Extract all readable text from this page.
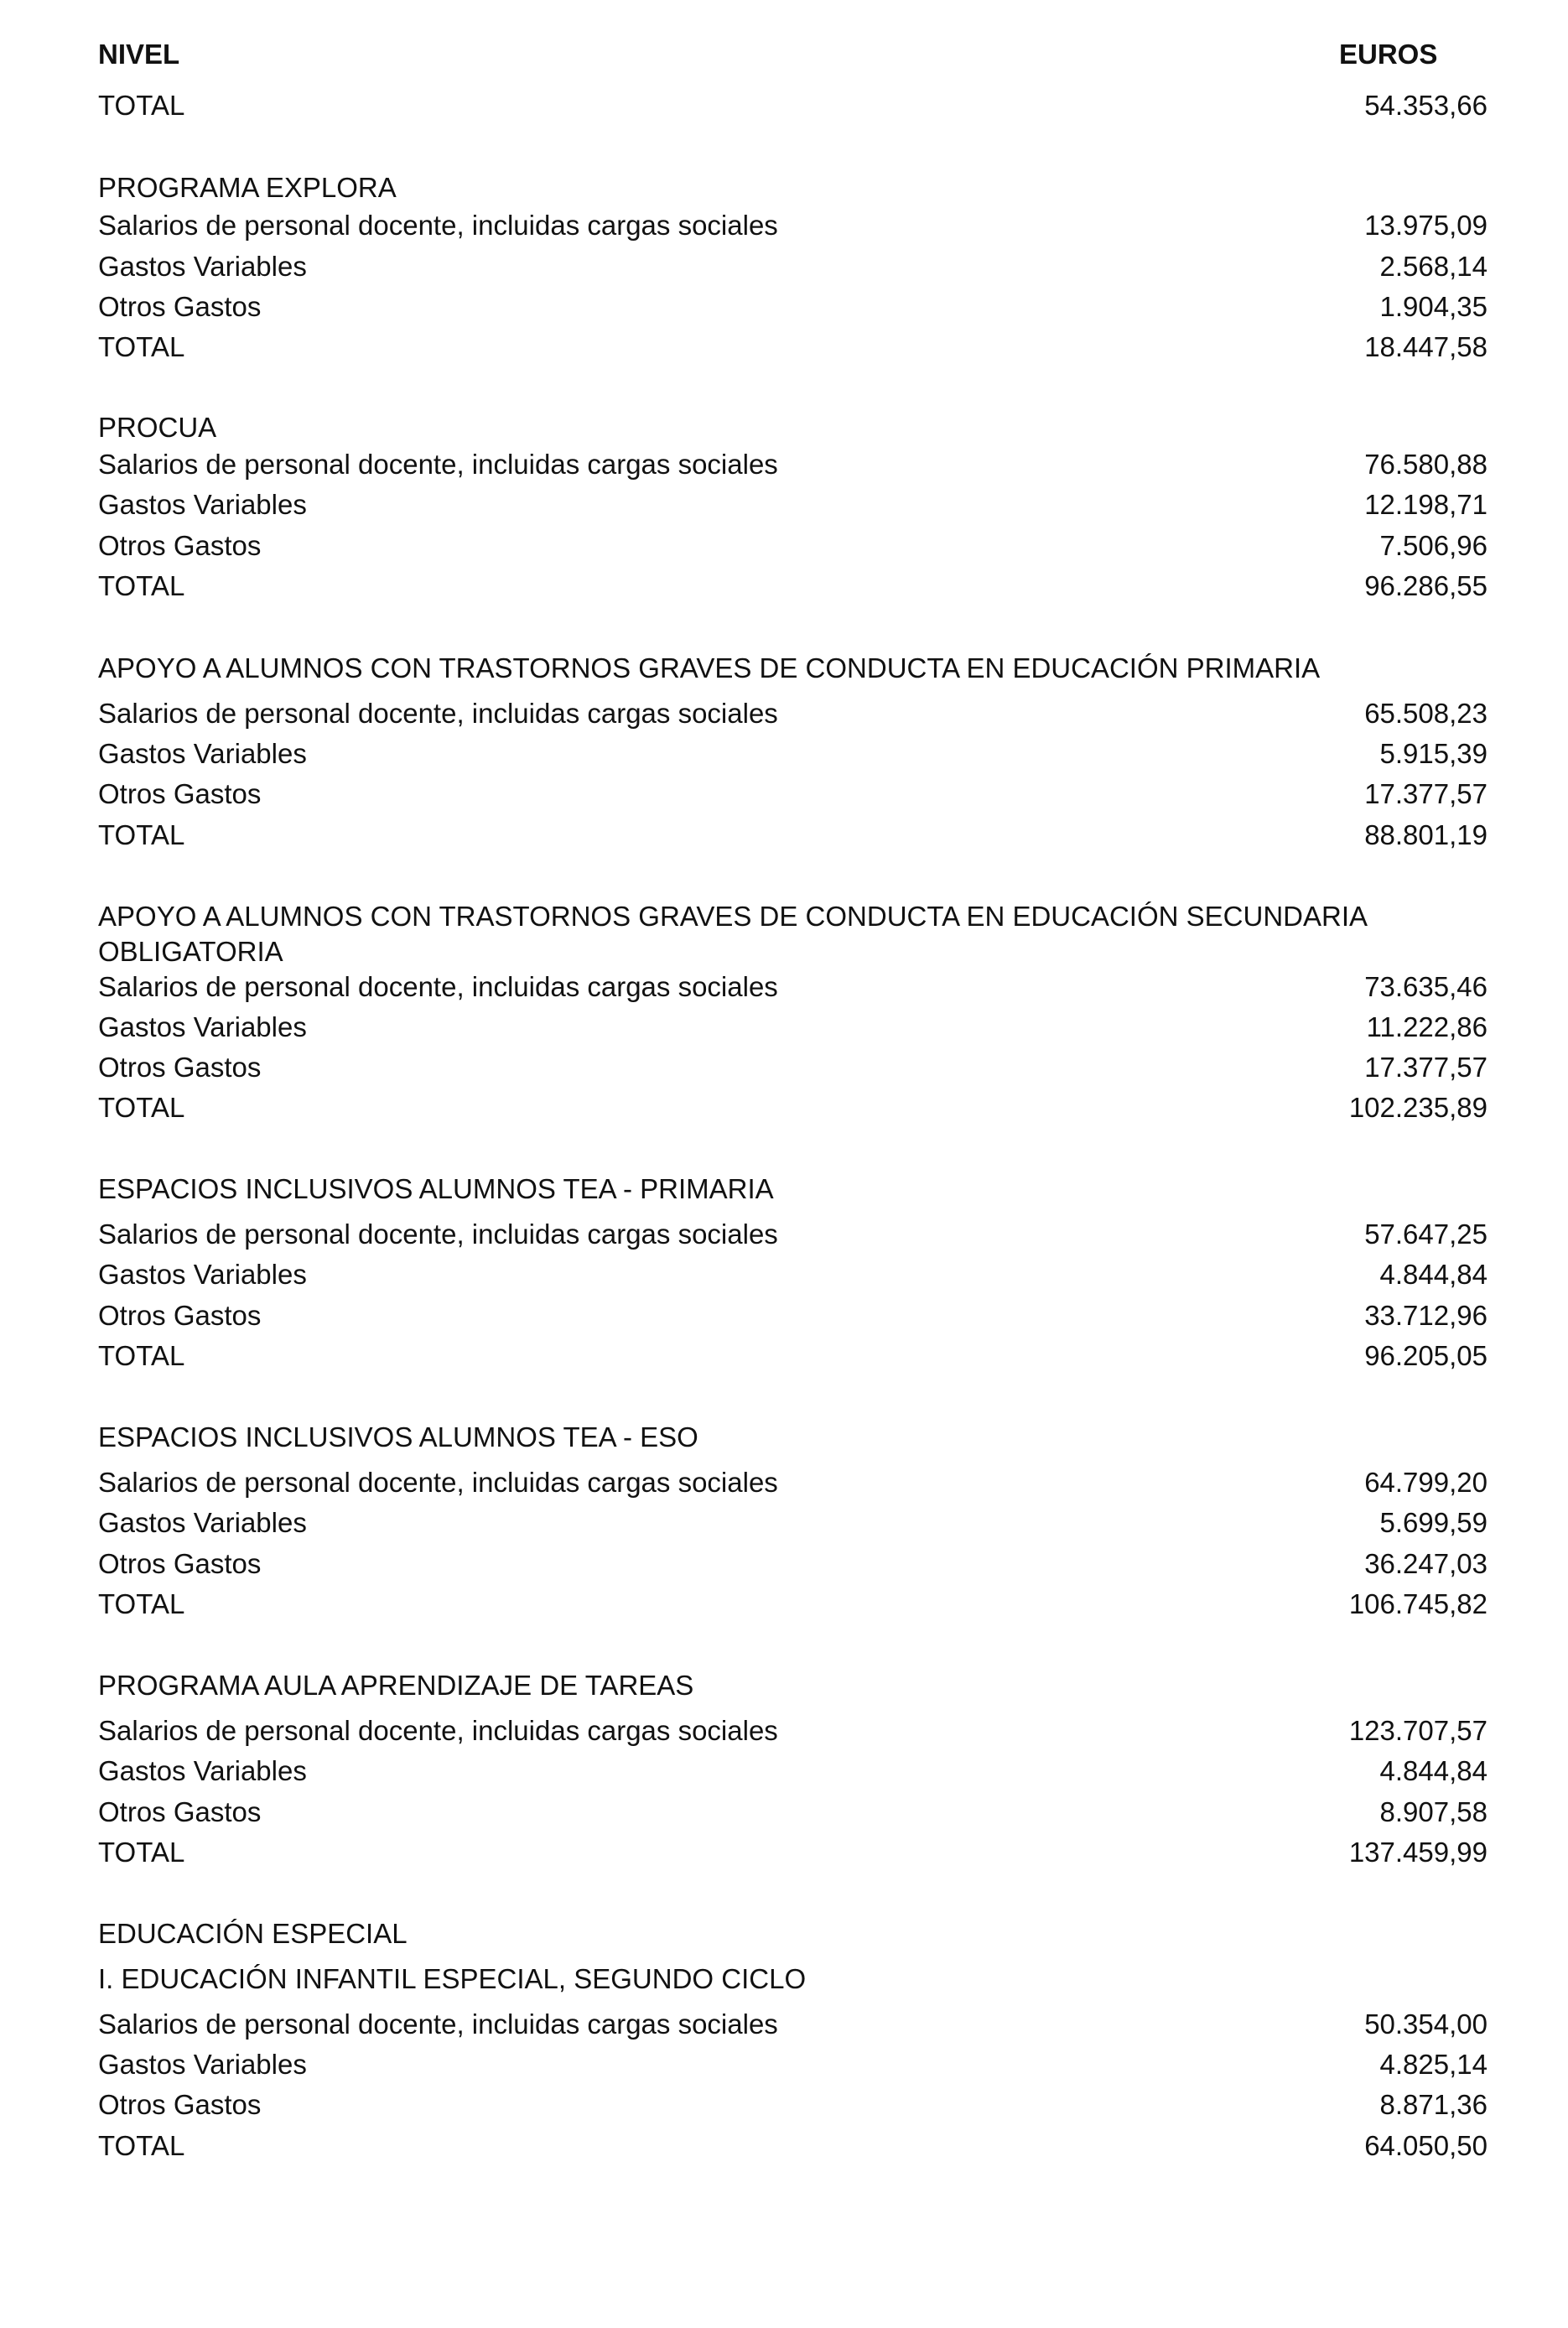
NIVEL	EUROS
TOTAL	54.353,66
PROGRAMA EXPLORA
Salarios de personal docente, incluidas cargas sociales	13.975,09
Gastos Variables	2.568,14
Otros Gastos	1.904,35
TOTAL	18.447,58
PROCUA
Salarios de personal docente, incluidas cargas sociales	76.580,88
Gastos Variables	12.198,71
Otros Gastos	7.506,96
TOTAL	96.286,55
APOYO A ALUMNOS CON TRASTORNOS GRAVES DE CONDUCTA EN EDUCACIÓN PRIMARIA
Salarios de personal docente, incluidas cargas sociales	65.508,23
Gastos Variables	5.915,39
Otros Gastos	17.377,57
TOTAL	88.801,19
APOYO A ALUMNOS CON TRASTORNOS GRAVES DE CONDUCTA EN EDUCACIÓN SECUNDARIA
OBLIGATORIA
Salarios de personal docente, incluidas cargas sociales	73.635,46
Gastos Variables	11.222,86
Otros Gastos	17.377,57
TOTAL	102.235,89
ESPACIOS INCLUSIVOS ALUMNOS TEA - PRIMARIA
Salarios de personal docente, incluidas cargas sociales	57.647,25
Gastos Variables	4.844,84
Otros Gastos	33.712,96
TOTAL	96.205,05
ESPACIOS INCLUSIVOS ALUMNOS TEA - ESO
Salarios de personal docente, incluidas cargas sociales	64.799,20
Gastos Variables	5.699,59
Otros Gastos	36.247,03
TOTAL	106.745,82
PROGRAMA AULA APRENDIZAJE DE TAREAS
Salarios de personal docente, incluidas cargas sociales	123.707,57
Gastos Variables	4.844,84
Otros Gastos	8.907,58
TOTAL	137.459,99
EDUCACIÓN ESPECIAL
I. EDUCACIÓN INFANTIL ESPECIAL, SEGUNDO CICLO
Salarios de personal docente, incluidas cargas sociales	50.354,00
Gastos Variables	4.825,14
Otros Gastos	8.871,36
TOTAL	64.050,50
